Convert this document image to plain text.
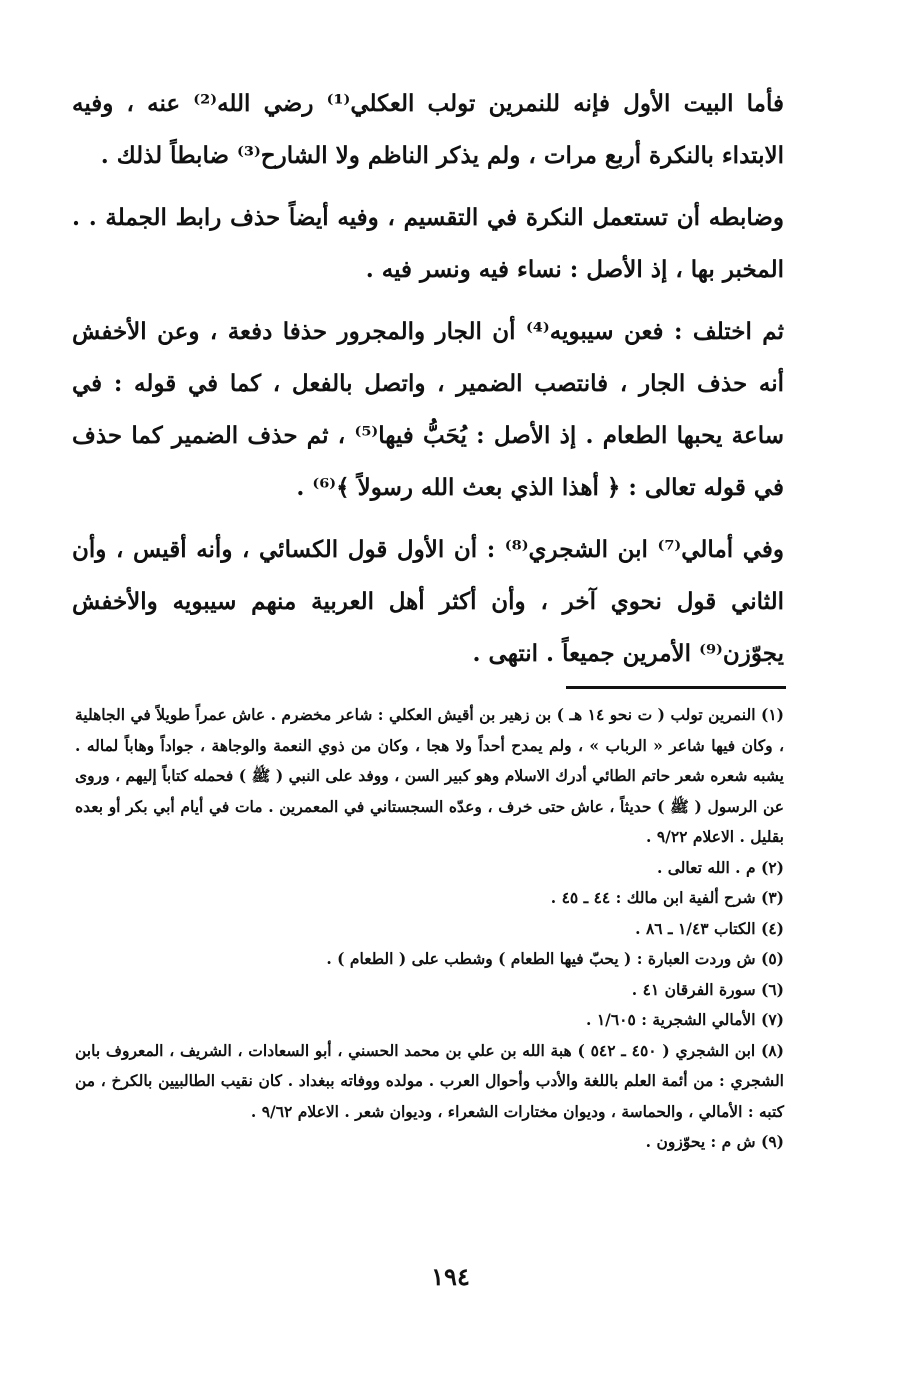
فأما البيت الأول فإنه للنمرين تولب العكلي⁽¹⁾ رضي الله⁽²⁾ عنه ، وفيه الابتداء بالنكرة أربع مرات ، ولم يذكر الناظم ولا الشارح⁽³⁾ ضابطاً لذلك .

وضابطه أن تستعمل النكرة في التقسيم ، وفيه أيضاً حذف رابط الجملة . . المخبر بها ، إذ الأصل : نساء فيه ونسر فيه .

ثم اختلف : فعن سيبويه⁽⁴⁾ أن الجار والمجرور حذفا دفعة ، وعن الأخفش أنه حذف الجار ، فانتصب الضمير ، واتصل بالفعل ، كما في قوله : في ساعة يحبها الطعام . إذ الأصل : يُحَبُّ فيها⁽⁵⁾ ، ثم حذف الضمير كما حذف في قوله تعالى : ﴿ أهذا الذي بعث الله رسولاً ﴾⁽⁶⁾ .

وفي أمالي⁽⁷⁾ ابن الشجري⁽⁸⁾ : أن الأول قول الكسائي ، وأنه أقيس ، وأن الثاني قول نحوي آخر ، وأن أكثر أهل العربية منهم سيبويه والأخفش يجوّزن⁽⁹⁾ الأمرين جميعاً . انتهى .

(١) النمرين تولب ( ت نحو ١٤ هـ ) بن زهير بن أقيش العكلي : شاعر مخضرم . عاش عمراً طويلاً في الجاهلية ، وكان فيها شاعر « الرباب » ، ولم يمدح أحداً ولا هجا ، وكان من ذوي النعمة والوجاهة ، جواداً وهاباً لماله . يشبه شعره شعر حاتم الطائي أدرك الاسلام وهو كبير السن ، ووفد على النبي ( ﷺ ) فحمله كتاباً إليهم ، وروى عن الرسول ( ﷺ ) حديثاً ، عاش حتى خرف ، وعدّه السجستاني في المعمرين . مات في أيام أبي بكر أو بعده بقليل . الاعلام ٩/٢٢ .

(٢) م . الله تعالى .

(٣) شرح ألفية ابن مالك : ٤٤ ـ ٤٥ .

(٤) الكتاب ١/٤٣ ـ ٨٦ .

(٥) ش وردت العبارة : ( يحبّ فيها الطعام ) وشطب على ( الطعام ) .

(٦) سورة الفرقان ٤١ .

(٧) الأمالي الشجرية : ١/٦٠٥ .

(٨) ابن الشجري ( ٤٥٠ ـ ٥٤٢ ) هبة الله بن علي بن محمد الحسني ، أبو السعادات ، الشريف ، المعروف بابن الشجري : من أئمة العلم باللغة والأدب وأحوال العرب . مولده ووفاته ببغداد . كان نقيب الطالبيين بالكرخ ، من كتبه : الأمالي ، والحماسة ، وديوان مختارات الشعراء ، وديوان شعر . الاعلام ٩/٦٢ .

(٩) ش م : يحوّزون .

١٩٤
